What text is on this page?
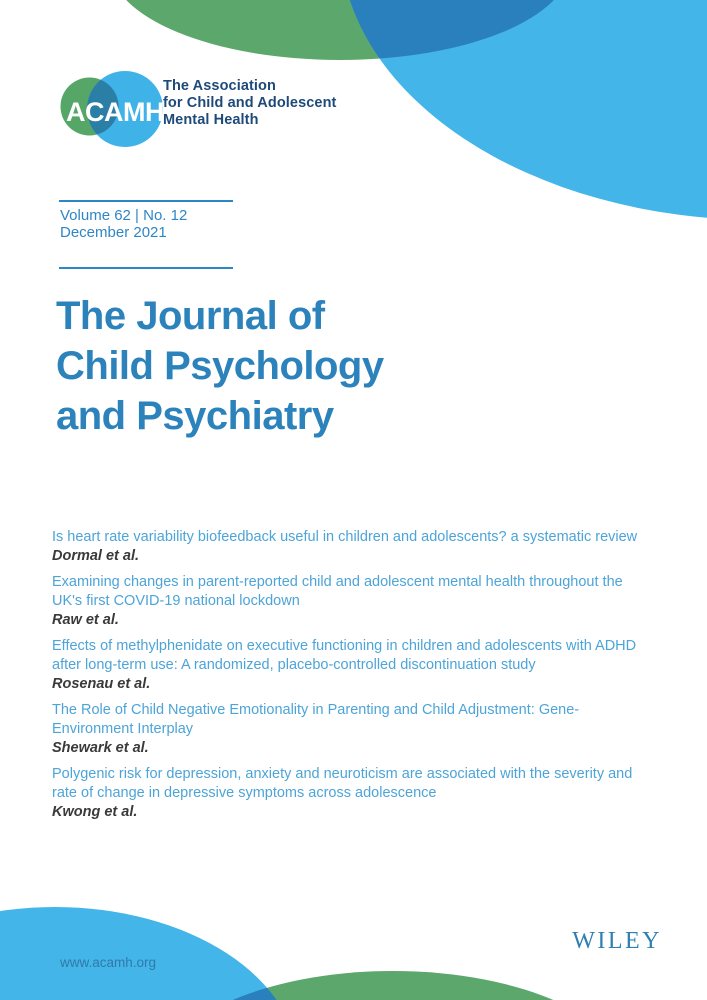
ACAMH
The Association
for Child and Adolescent
Mental Health
Volume 62 | No. 12
December 2021
The Journal of
Child Psychology
and Psychiatry

Is heart rate variability biofeedback useful in children and adolescents? a systematic review

Dormal et al.

Examining changes in parent-reported child and adolescent mental health throughout the UK's first COVID-19 national lockdown

Raw et al.

Effects of methylphenidate on executive functioning in children and adolescents with ADHD after long-term use: A randomized, placebo-controlled discontinuation study

Rosenau et al.

The Role of Child Negative Emotionality in Parenting and Child Adjustment: Gene-Environment Interplay

Shewark et al.

Polygenic risk for depression, anxiety and neuroticism are associated with the severity and rate of change in depressive symptoms across adolescence

Kwong et al.

www.acamh.org
WILEY
